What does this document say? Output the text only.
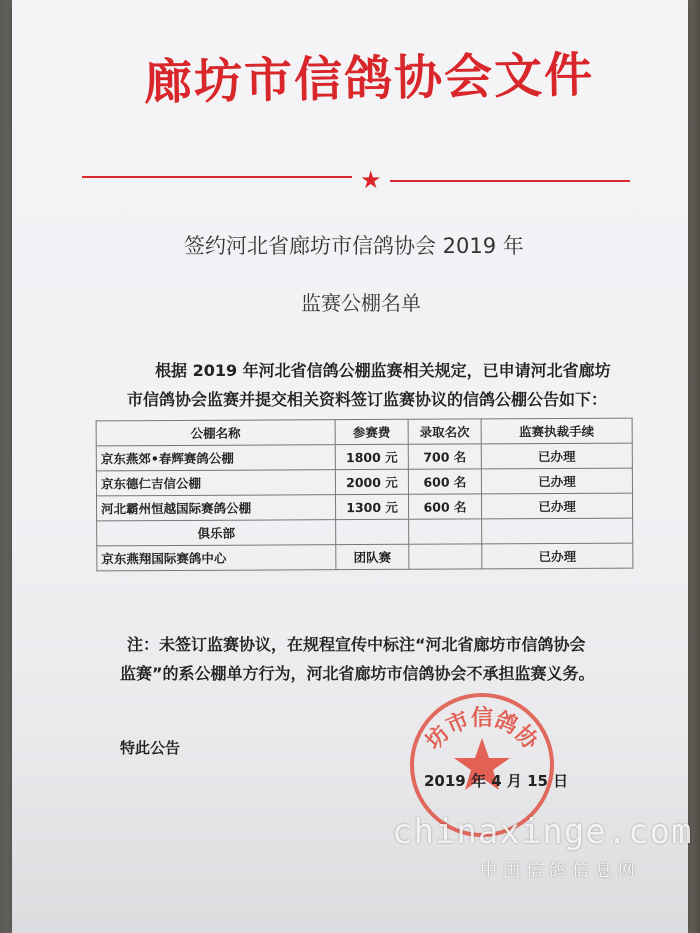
廊坊市信鸽协会文件
★
签约河北省廊坊市信鸽协会 2019 年
监赛公棚名单
根据 2019 年河北省信鸽公棚监赛相关规定，已申请河北省廊坊
市信鸽协会监赛并提交相关资料签订监赛协议的信鸽公棚公告如下：
公棚名称	参赛费	录取名次	监赛执裁手续
京东燕郊•春辉赛鸽公棚	1800 元	700 名	已办理
京东德仁吉信公棚	2000 元	600 名	已办理
河北霸州恒越国际赛鸽公棚	1300 元	600 名	已办理
俱乐部			
京东燕翔国际赛鸽中心	团队赛		已办理
注：未签订监赛协议，在规程宣传中标注“河北省廊坊市信鸽协会
监赛”的系公棚单方行为，河北省廊坊市信鸽协会不承担监赛义务。
特此公告	坊市信鸽协
2019 年 4 月 15 日
chinaxinge.com
中国信鸽信息网
